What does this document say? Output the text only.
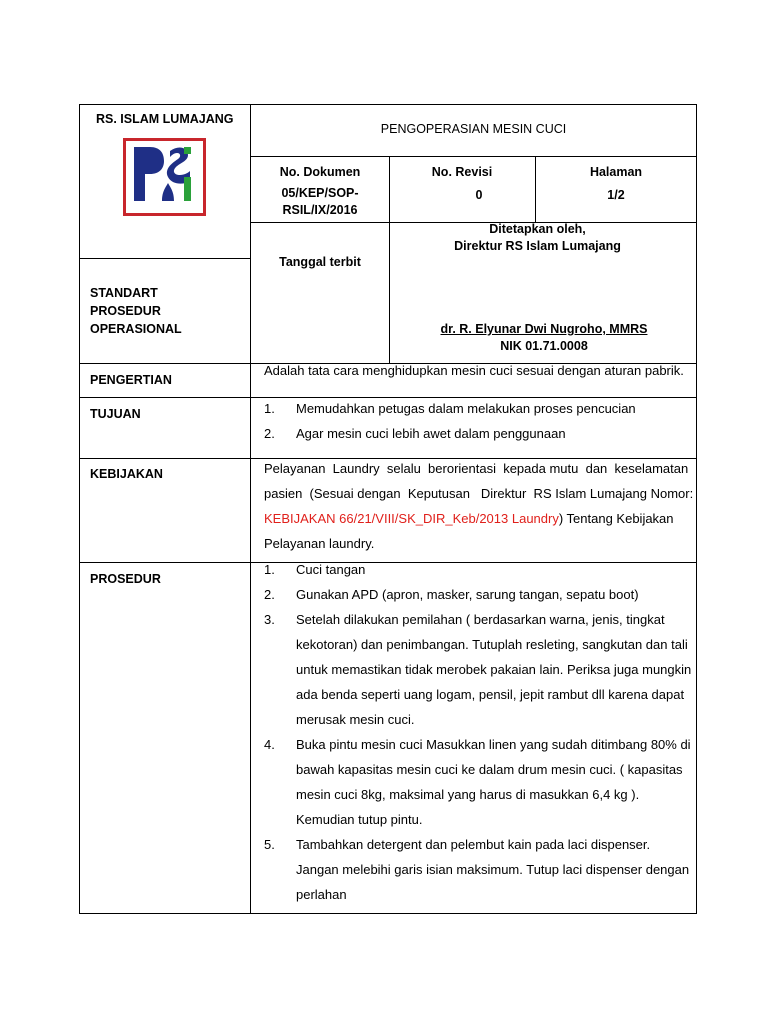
RS. ISLAM LUMAJANG
STANDART
PROSEDUR
OPERASIONAL
PENGOPERASIAN MESIN CUCI
No. Dokumen
05/KEP/SOP-
RSIL/IX/2016
No. Revisi
0
Halaman
1/2
Tanggal terbit
Ditetapkan oleh,
Direktur RS Islam Lumajang
dr. R. Elyunar Dwi Nugroho, MMRS
NIK 01.71.0008
PENGERTIAN
Adalah tata cara menghidupkan mesin cuci sesuai dengan aturan pabrik.
TUJUAN	1. Memudahkan petugas dalam melakukan proses pencucian
2. Agar mesin cuci lebih awet dalam penggunaan
KEBIJAKAN	Pelayanan  Laundry  selalu  berorientasi  kepada mutu  dan  keselamatan
pasien  (Sesuai dengan  Keputusan   Direktur  RS Islam Lumajang Nomor:
KEBIJAKAN 66/21/VIII/SK_DIR_Keb/2013 Laundry) Tentang Kebijakan
Pelayanan laundry.
PROSEDUR
1. Cuci tangan
2. Gunakan APD (apron, masker, sarung tangan, sepatu boot)
3. Setelah dilakukan pemilahan ( berdasarkan warna, jenis, tingkat
kekotoran) dan penimbangan. Tutuplah resleting, sangkutan dan tali
untuk memastikan tidak merobek pakaian lain. Periksa juga mungkin
ada benda seperti uang logam, pensil, jepit rambut dll karena dapat
merusak mesin cuci.
4. Buka pintu mesin cuci Masukkan linen yang sudah ditimbang 80% di
bawah kapasitas mesin cuci ke dalam drum mesin cuci. ( kapasitas
mesin cuci 8kg, maksimal yang harus di masukkan 6,4 kg ).
Kemudian tutup pintu.
5. Tambahkan detergent dan pelembut kain pada laci dispenser.
Jangan melebihi garis isian maksimum. Tutup laci dispenser dengan
perlahan
